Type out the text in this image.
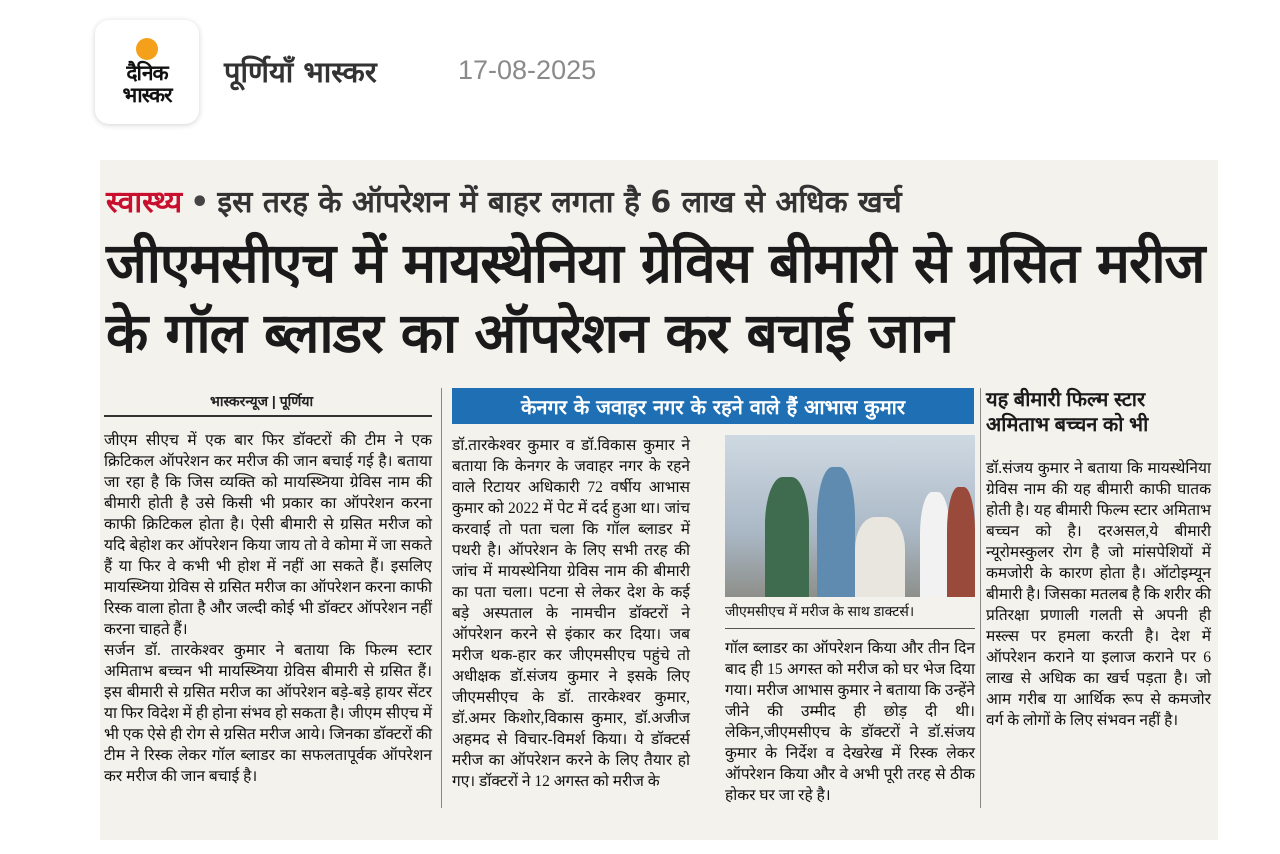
दैनिक
भास्कर
पूर्णियाँ भास्कर	17-08-2025
स्वास्थ्य • इस तरह के ऑपरेशन में बाहर लगता है 6 लाख से अधिक खर्च
जीएमसीएच में मायस्थेनिया ग्रेविस बीमारी से ग्रसित मरीज के गॉल ब्लाडर का ऑपरेशन कर बचाई जान
भास्करन्यूज | पूर्णिया

जीएम सीएच में एक बार फिर डॉक्टरों की टीम ने एक क्रिटिकल ऑपरेशन कर मरीज की जान बचाई गई है। बताया जा रहा है कि जिस व्यक्ति को मायस्थ्निया ग्रेविस नाम की बीमारी होती है उसे किसी भी प्रकार का ऑपरेशन करना काफी क्रिटिकल होता है। ऐसी बीमारी से ग्रसित मरीज को यदि बेहोश कर ऑपरेशन किया जाय तो वे कोमा में जा सकते हैं या फिर वे कभी भी होश में नहीं आ सकते हैं। इसलिए मायस्थ्निया ग्रेविस से ग्रसित मरीज का ऑपरेशन करना काफी रिस्क वाला होता है और जल्दी कोई भी डॉक्टर ऑपरेशन नहीं करना चाहते हैं।

सर्जन डॉ. तारकेश्वर कुमार ने बताया कि फिल्म स्टार अमिताभ बच्चन भी मायस्थ्निया ग्रेविस बीमारी से ग्रसित हैं। इस बीमारी से ग्रसित मरीज का ऑपरेशन बड़े-बड़े हायर सेंटर या फिर विदेश में ही होना संभव हो सकता है। जीएम सीएच में भी एक ऐसे ही रोग से ग्रसित मरीज आये। जिनका डॉक्टरों की टीम ने रिस्क लेकर गॉल ब्लाडर का सफलतापूर्वक ऑपरेशन कर मरीज की जान बचाई है।

केनगर के जवाहर नगर के रहने वाले हैं आभास कुमार
डॉ.तारकेश्वर कुमार व डॉ.विकास कुमार ने बताया कि केनगर के जवाहर नगर के रहने वाले रिटायर अधिकारी 72 वर्षीय आभास कुमार को 2022 में पेट में दर्द हुआ था। जांच करवाई तो पता चला कि गॉल ब्लाडर में पथरी है। ऑपरेशन के लिए सभी तरह की जांच में मायस्थेनिया ग्रेविस नाम की बीमारी का पता चला। पटना से लेकर देश के कई बड़े अस्पताल के नामचीन डॉक्टरों ने ऑपरेशन करने से इंकार कर दिया। जब मरीज थक-हार कर जीएमसीएच पहुंचे तो अधीक्षक डॉ.संजय कुमार ने इसके लिए जीएमसीएच के डॉ. तारकेश्वर कुमार, डॉ.अमर किशोर,विकास कुमार, डॉ.अजीज अहमद से विचार-विमर्श किया। ये डॉक्टर्स मरीज का ऑपरेशन करने के लिए तैयार हो गए। डॉक्टरों ने 12 अगस्त को मरीज के
जीएमसीएच में मरीज के साथ डाक्टर्स।
गॉल ब्लाडर का ऑपरेशन किया और तीन दिन बाद ही 15 अगस्त को मरीज को घर भेज दिया गया। मरीज आभास कुमार ने बताया कि उन्हेंने जीने की उम्मीद ही छोड़ दी थी। लेकिन,जीएमसीएच के डॉक्टरों ने डॉ.संजय कुमार के निर्देश व देखरेख में रिस्क लेकर ऑपरेशन किया और वे अभी पूरी तरह से ठीक होकर घर जा रहे है।
यह बीमारी फिल्म स्टार अमिताभ बच्चन को भी
डॉ.संजय कुमार ने बताया कि मायस्थेनिया ग्रेविस नाम की यह बीमारी काफी घातक होती है। यह बीमारी फिल्म स्टार अमिताभ बच्चन को है। दरअसल,ये बीमारी न्यूरोमस्कुलर रोग है जो मांसपेशियों में कमजोरी के कारण होता है। ऑटोइम्यून बीमारी है। जिसका मतलब है कि शरीर की प्रतिरक्षा प्रणाली गलती से अपनी ही मस्ल्स पर हमला करती है। देश में ऑपरेशन कराने या इलाज कराने पर 6 लाख से अधिक का खर्च पड़ता है। जो आम गरीब या आर्थिक रूप से कमजोर वर्ग के लोगों के लिए संभवन नहीं है।
